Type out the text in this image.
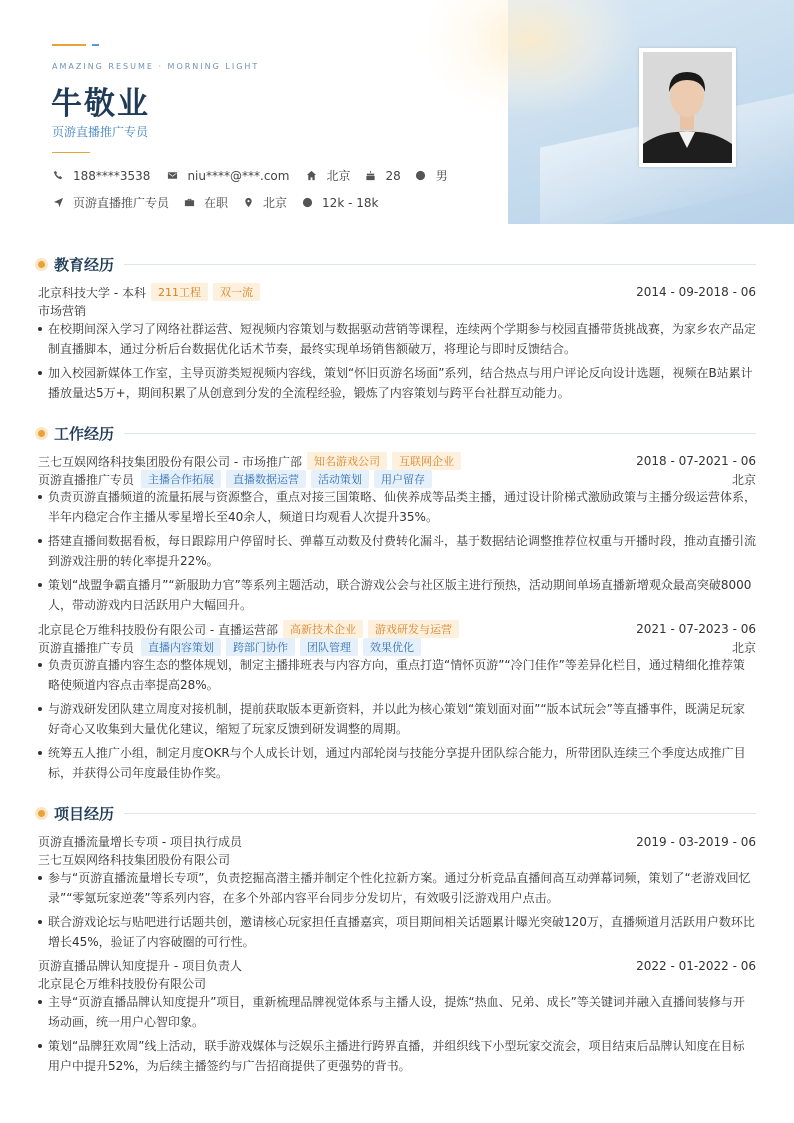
AMAZING RESUME · MORNING LIGHT
牛敬业
页游直播推广专员
188****3538	niu****@***.com	北京	28	男
页游直播推广专员	在职	北京	12k - 18k
教育经历
北京科技大学 - 本科	211工程	双一流	2014 - 09-2018 - 06
市场营销
在校期间深入学习了网络社群运营、短视频内容策划与数据驱动营销等课程，连续两个学期参与校园直播带货挑战赛，为家乡农产品定制直播脚本，通过分析后台数据优化话术节奏，最终实现单场销售额破万，将理论与即时反馈结合。
加入校园新媒体工作室，主导页游类短视频内容线，策划“怀旧页游名场面”系列，结合热点与用户评论反向设计选题，视频在B站累计播放量达5万+，期间积累了从创意到分发的全流程经验，锻炼了内容策划与跨平台社群互动能力。
工作经历
三七互娱网络科技集团股份有限公司 - 市场推广部	知名游戏公司	互联网企业	2018 - 07-2021 - 06
页游直播推广专员	主播合作拓展	直播数据运营	活动策划	用户留存	北京
负责页游直播频道的流量拓展与资源整合，重点对接三国策略、仙侠养成等品类主播，通过设计阶梯式激励政策与主播分级运营体系，半年内稳定合作主播从零星增长至40余人，频道日均观看人次提升35%。
搭建直播间数据看板，每日跟踪用户停留时长、弹幕互动数及付费转化漏斗，基于数据结论调整推荐位权重与开播时段，推动直播引流到游戏注册的转化率提升22%。
策划“战盟争霸直播月”“新服助力官”等系列主题活动，联合游戏公会与社区版主进行预热，活动期间单场直播新增观众最高突破8000人，带动游戏内日活跃用户大幅回升。
北京昆仑万维科技股份有限公司 - 直播运营部	高新技术企业	游戏研发与运营	2021 - 07-2023 - 06
页游直播推广专员	直播内容策划	跨部门协作	团队管理	效果优化	北京
负责页游直播内容生态的整体规划，制定主播排班表与内容方向，重点打造“情怀页游”“冷门佳作”等差异化栏目，通过精细化推荐策略使频道内容点击率提高28%。
与游戏研发团队建立周度对接机制，提前获取版本更新资料，并以此为核心策划“策划面对面”“版本试玩会”等直播事件，既满足玩家好奇心又收集到大量优化建议，缩短了玩家反馈到研发调整的周期。
统筹五人推广小组，制定月度OKR与个人成长计划，通过内部轮岗与技能分享提升团队综合能力，所带团队连续三个季度达成推广目标，并获得公司年度最佳协作奖。
项目经历
页游直播流量增长专项 - 项目执行成员	2019 - 03-2019 - 06
三七互娱网络科技集团股份有限公司
参与“页游直播流量增长专项”，负责挖掘高潜主播并制定个性化拉新方案。通过分析竞品直播间高互动弹幕词频，策划了“老游戏回忆录”“零氪玩家逆袭”等系列内容，在多个外部内容平台同步分发切片，有效吸引泛游戏用户点击。
联合游戏论坛与贴吧进行话题共创，邀请核心玩家担任直播嘉宾，项目期间相关话题累计曝光突破120万，直播频道月活跃用户数环比增长45%，验证了内容破圈的可行性。
页游直播品牌认知度提升 - 项目负责人	2022 - 01-2022 - 06
北京昆仑万维科技股份有限公司
主导“页游直播品牌认知度提升”项目，重新梳理品牌视觉体系与主播人设，提炼“热血、兄弟、成长”等关键词并融入直播间装修与开场动画，统一用户心智印象。
策划“品牌狂欢周”线上活动，联手游戏媒体与泛娱乐主播进行跨界直播，并组织线下小型玩家交流会，项目结束后品牌认知度在目标用户中提升52%，为后续主播签约与广告招商提供了更强势的背书。
